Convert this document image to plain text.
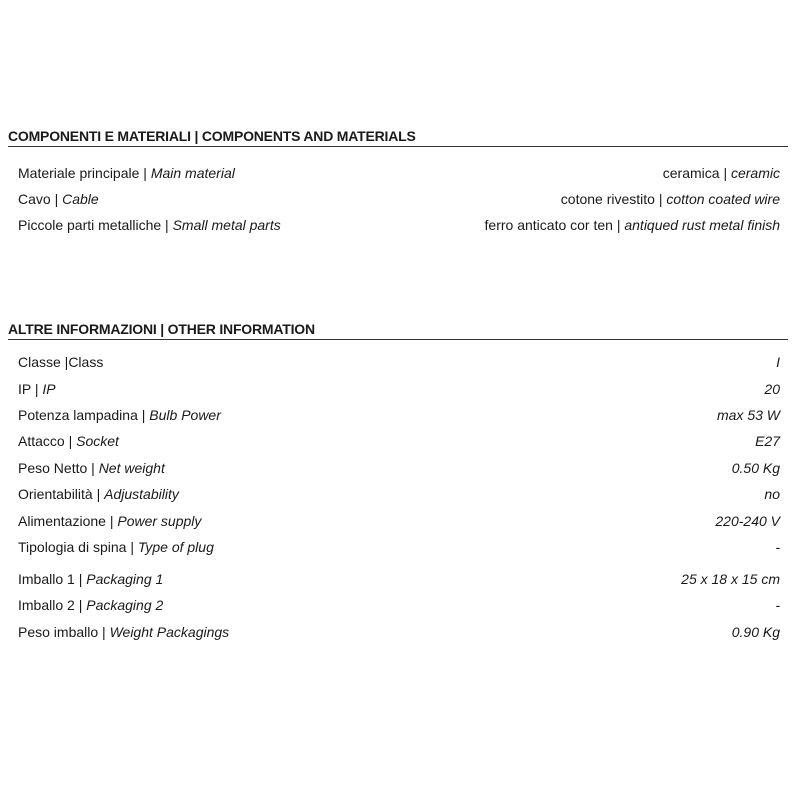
COMPONENTI E MATERIALI | COMPONENTS AND MATERIALS
Materiale principale | Main material	ceramica | ceramic
Cavo | Cable	cotone rivestito | cotton coated wire
Piccole parti metalliche | Small metal parts	ferro anticato cor ten | antiqued rust metal finish
ALTRE INFORMAZIONI | OTHER INFORMATION
Classe |Class	I
IP | IP	20
Potenza lampadina | Bulb Power	max 53 W
Attacco | Socket	E27
Peso Netto | Net weight	0.50 Kg
Orientabilità | Adjustability	no
Alimentazione | Power supply	220-240 V
Tipologia di spina | Type of plug	-
Imballo 1 | Packaging 1	25 x 18 x 15 cm
Imballo 2 | Packaging 2	-
Peso imballo | Weight Packagings	0.90 Kg
